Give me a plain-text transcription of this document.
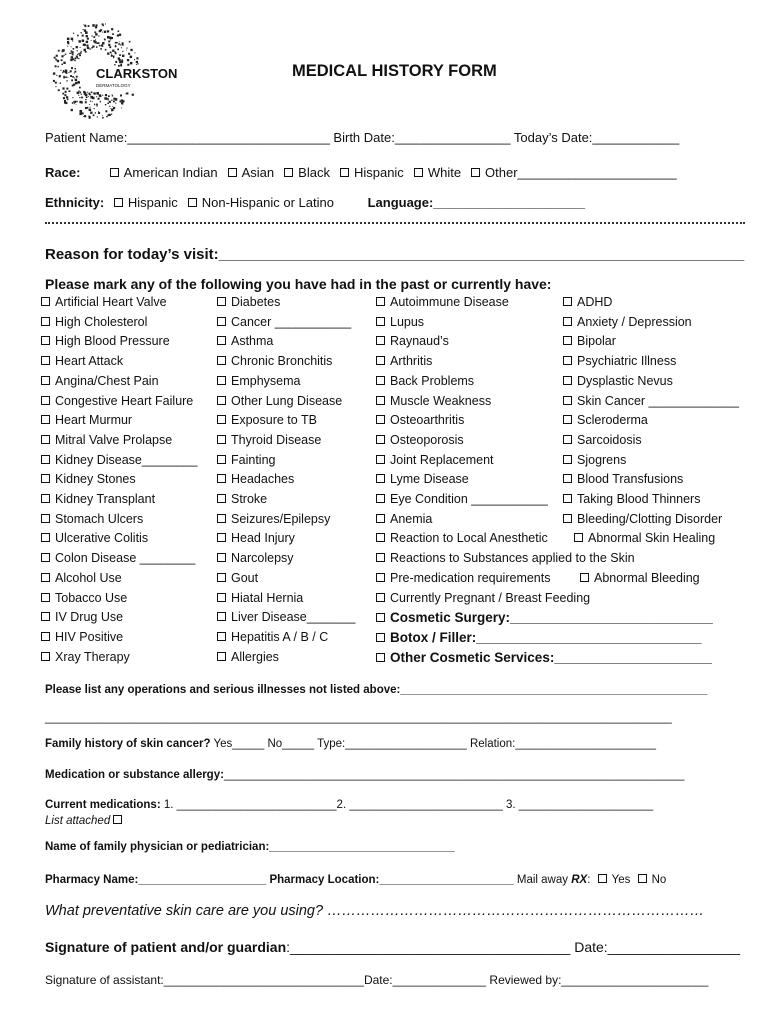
CLARKSTON
DERMATOLOGY
MEDICAL HISTORY FORM
Patient Name:____________________________ Birth Date:________________ Today’s Date:____________
Race:	American Indian Asian Black Hispanic White Other______________________
Ethnicity: Hispanic Non-Hispanic or Latino	Language:_____________________
Reason for today’s visit:_______________________________________________________________
Please mark any of the following you have had in the past or currently have:
Artificial Heart Valve
High Cholesterol
High Blood Pressure
Heart Attack
Angina/Chest Pain
Congestive Heart Failure
Heart Murmur
Mitral Valve Prolapse
Kidney Disease________
Kidney Stones
Kidney Transplant
Stomach Ulcers
Ulcerative Colitis
Colon Disease ________
Alcohol Use
Tobacco Use
IV Drug Use
HIV Positive
Xray Therapy
Diabetes
Cancer ___________
Asthma
Chronic Bronchitis
Emphysema
Other Lung Disease
Exposure to TB
Thyroid Disease
Fainting
Headaches
Stroke
Seizures/Epilepsy
Head Injury
Narcolepsy
Gout
Hiatal Hernia
Liver Disease_______
Hepatitis A / B / C
Allergies
Autoimmune Disease
Lupus
Raynaud’s
Arthritis
Back Problems
Muscle Weakness
Osteoarthritis
Osteoporosis
Joint Replacement
Lyme Disease
Eye Condition ___________
Anemia
Reaction to Local Anesthetic
Reactions to Substances applied to the Skin
Pre-medication requirements
Currently Pregnant / Breast Feeding
Cosmetic Surgery:___________________________
Botox / Filler:______________________________
Other Cosmetic Services:_____________________
ADHD
Anxiety / Depression
Bipolar
Psychiatric Illness
Dysplastic Nevus
Skin Cancer _____________
Scleroderma
Sarcoidosis
Sjogrens
Blood Transfusions
Taking Blood Thinners
Bleeding/Clotting Disorder
Abnormal Skin Healing
Abnormal Bleeding
Please list any operations and serious illnesses not listed above:________________________________________________
__________________________________________________________________________________________________
Family history of skin cancer? Yes_____ No_____ Type:___________________ Relation:______________________
Medication or substance allergy:________________________________________________________________________
Current medications: 1. _________________________2. ________________________ 3. _____________________
List attached
Name of family physician or pediatrician:_____________________________
Pharmacy Name:____________________ Pharmacy Location:_____________________ Mail away RX: Yes No
What preventative skin care are you using? ……………………………………………………………………
Signature of patient and/or guardian:____________________________________ Date:_________________
Signature of assistant:______________________________Date:______________ Reviewed by:______________________
